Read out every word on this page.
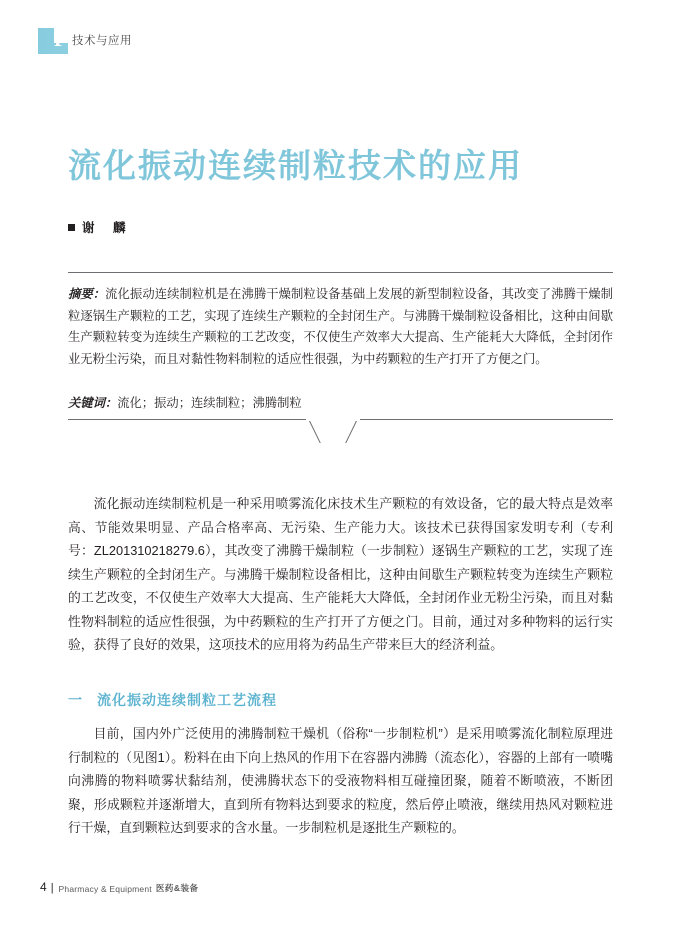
P 技术与应用
流化振动连续制粒技术的应用
谢　麟
摘要：流化振动连续制粒机是在沸腾干燥制粒设备基础上发展的新型制粒设备，其改变了沸腾干燥制粒逐锅生产颗粒的工艺，实现了连续生产颗粒的全封闭生产。与沸腾干燥制粒设备相比，这种由间歇生产颗粒转变为连续生产颗粒的工艺改变，不仅使生产效率大大提高、生产能耗大大降低，全封闭作业无粉尘污染，而且对黏性物料制粒的适应性很强，为中药颗粒的生产打开了方便之门。
关键词：流化；振动；连续制粒；沸腾制粒
流化振动连续制粒机是一种采用喷雾流化床技术生产颗粒的有效设备，它的最大特点是效率高、节能效果明显、产品合格率高、无污染、生产能力大。该技术已获得国家发明专利（专利号：ZL201310218279.6），其改变了沸腾干燥制粒（一步制粒）逐锅生产颗粒的工艺，实现了连续生产颗粒的全封闭生产。与沸腾干燥制粒设备相比，这种由间歇生产颗粒转变为连续生产颗粒的工艺改变，不仅使生产效率大大提高、生产能耗大大降低，全封闭作业无粉尘污染，而且对黏性物料制粒的适应性很强，为中药颗粒的生产打开了方便之门。目前，通过对多种物料的运行实验，获得了良好的效果，这项技术的应用将为药品生产带来巨大的经济利益。
一 流化振动连续制粒工艺流程
目前，国内外广泛使用的沸腾制粒干燥机（俗称“一步制粒机”）是采用喷雾流化制粒原理进行制粒的（见图1）。粉料在由下向上热风的作用下在容器内沸腾（流态化），容器的上部有一喷嘴向沸腾的物料喷雾状黏结剂，使沸腾状态下的受液物料相互碰撞团聚，随着不断喷液，不断团聚，形成颗粒并逐渐增大，直到所有物料达到要求的粒度，然后停止喷液，继续用热风对颗粒进行干燥，直到颗粒达到要求的含水量。一步制粒机是逐批生产颗粒的。
4 | Pharmacy & Equipment 医药&装备
